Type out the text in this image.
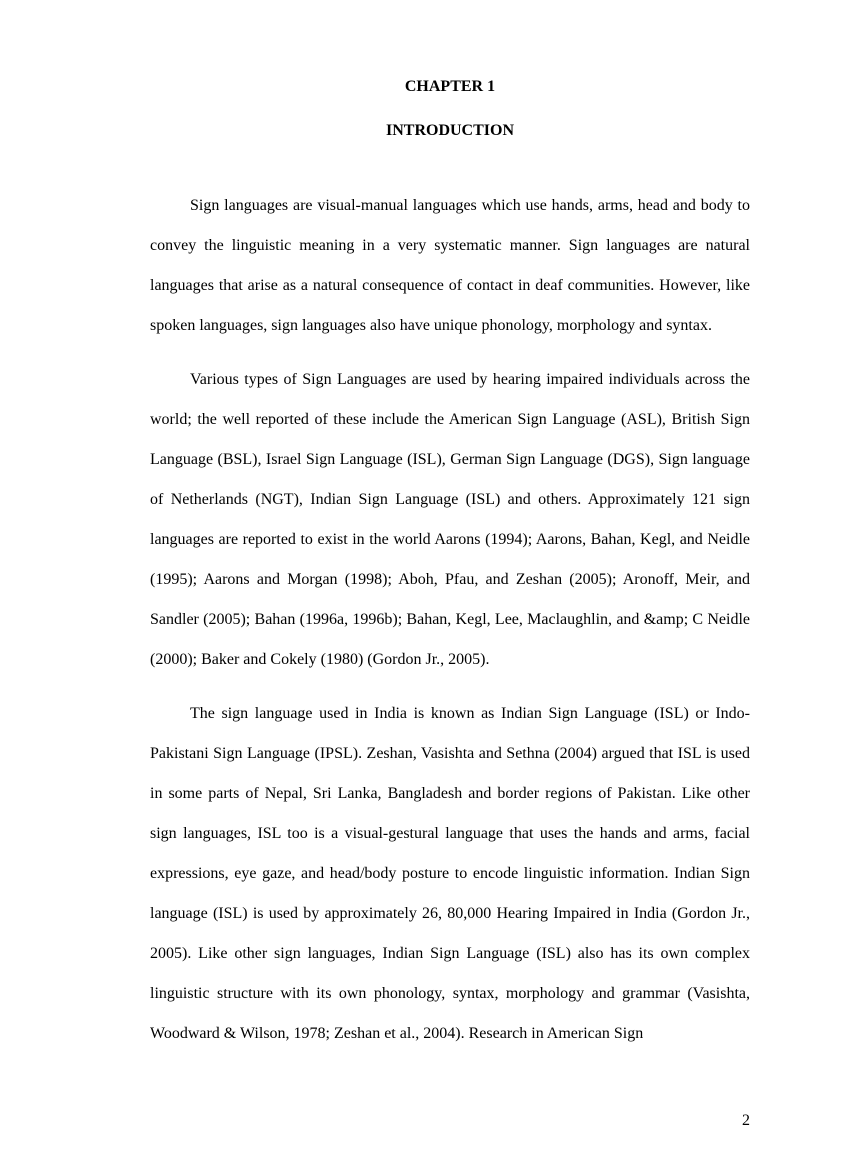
CHAPTER 1
INTRODUCTION

Sign languages are visual-manual languages which use hands, arms, head and body to convey the linguistic meaning in a very systematic manner. Sign languages are natural languages that arise as a natural consequence of contact in deaf communities. However, like spoken languages, sign languages also have unique phonology, morphology and syntax.

Various types of Sign Languages are used by hearing impaired individuals across the world; the well reported of these include the American Sign Language (ASL), British Sign Language (BSL), Israel Sign Language (ISL), German Sign Language (DGS), Sign language of Netherlands (NGT), Indian Sign Language (ISL) and others. Approximately 121 sign languages are reported to exist in the world Aarons (1994); Aarons, Bahan, Kegl, and Neidle (1995); Aarons and Morgan (1998); Aboh, Pfau, and Zeshan (2005); Aronoff, Meir, and Sandler (2005); Bahan (1996a, 1996b); Bahan, Kegl, Lee, Maclaughlin, and &amp; C Neidle (2000); Baker and Cokely (1980) (Gordon Jr., 2005).

The sign language used in India is known as Indian Sign Language (ISL) or Indo-Pakistani Sign Language (IPSL). Zeshan, Vasishta and Sethna (2004) argued that ISL is used in some parts of Nepal, Sri Lanka, Bangladesh and border regions of Pakistan. Like other sign languages, ISL too is a visual-gestural language that uses the hands and arms, facial expressions, eye gaze, and head/body posture to encode linguistic information. Indian Sign language (ISL) is used by approximately 26, 80,000 Hearing Impaired in India (Gordon Jr., 2005). Like other sign languages, Indian Sign Language (ISL) also has its own complex linguistic structure with its own phonology, syntax, morphology and grammar (Vasishta, Woodward & Wilson, 1978; Zeshan et al., 2004). Research in American Sign

2
